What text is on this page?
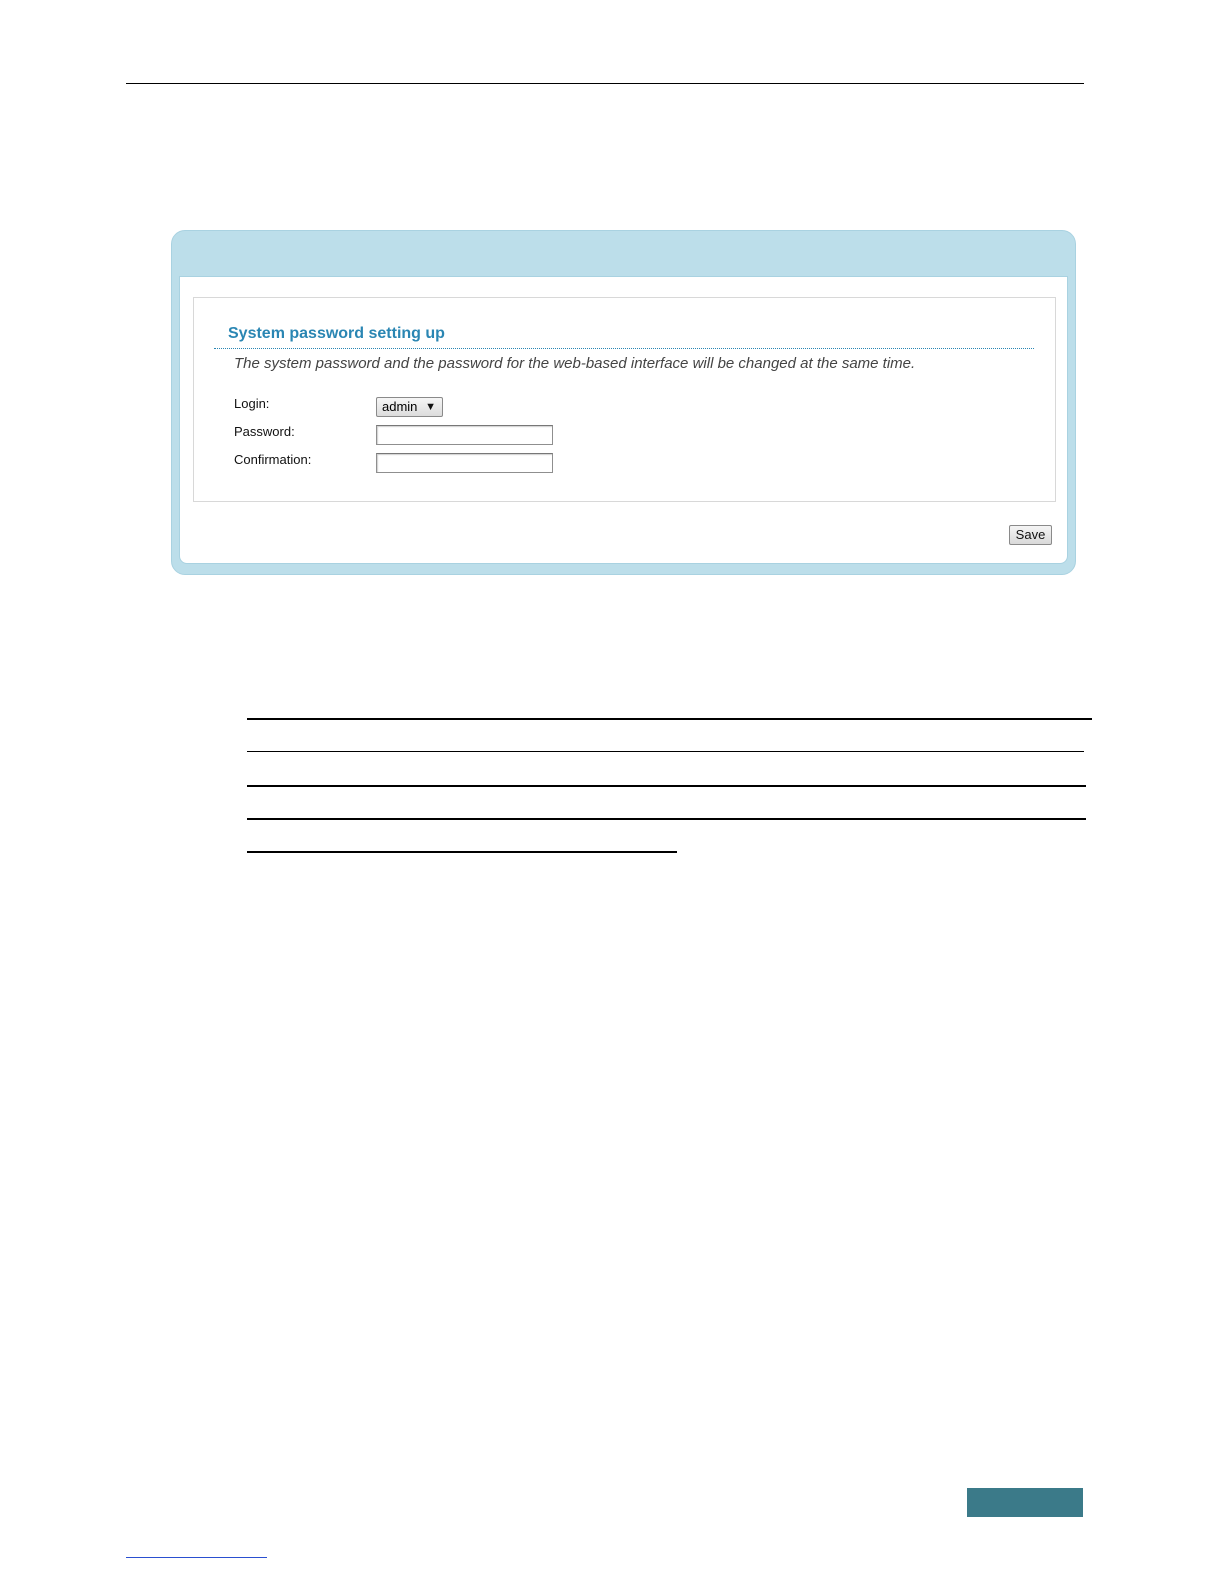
System password setting up
The system password and the password for the web-based interface will be changed at the same time.
Login:	admin ▼
Password:
Confirmation:
Save
